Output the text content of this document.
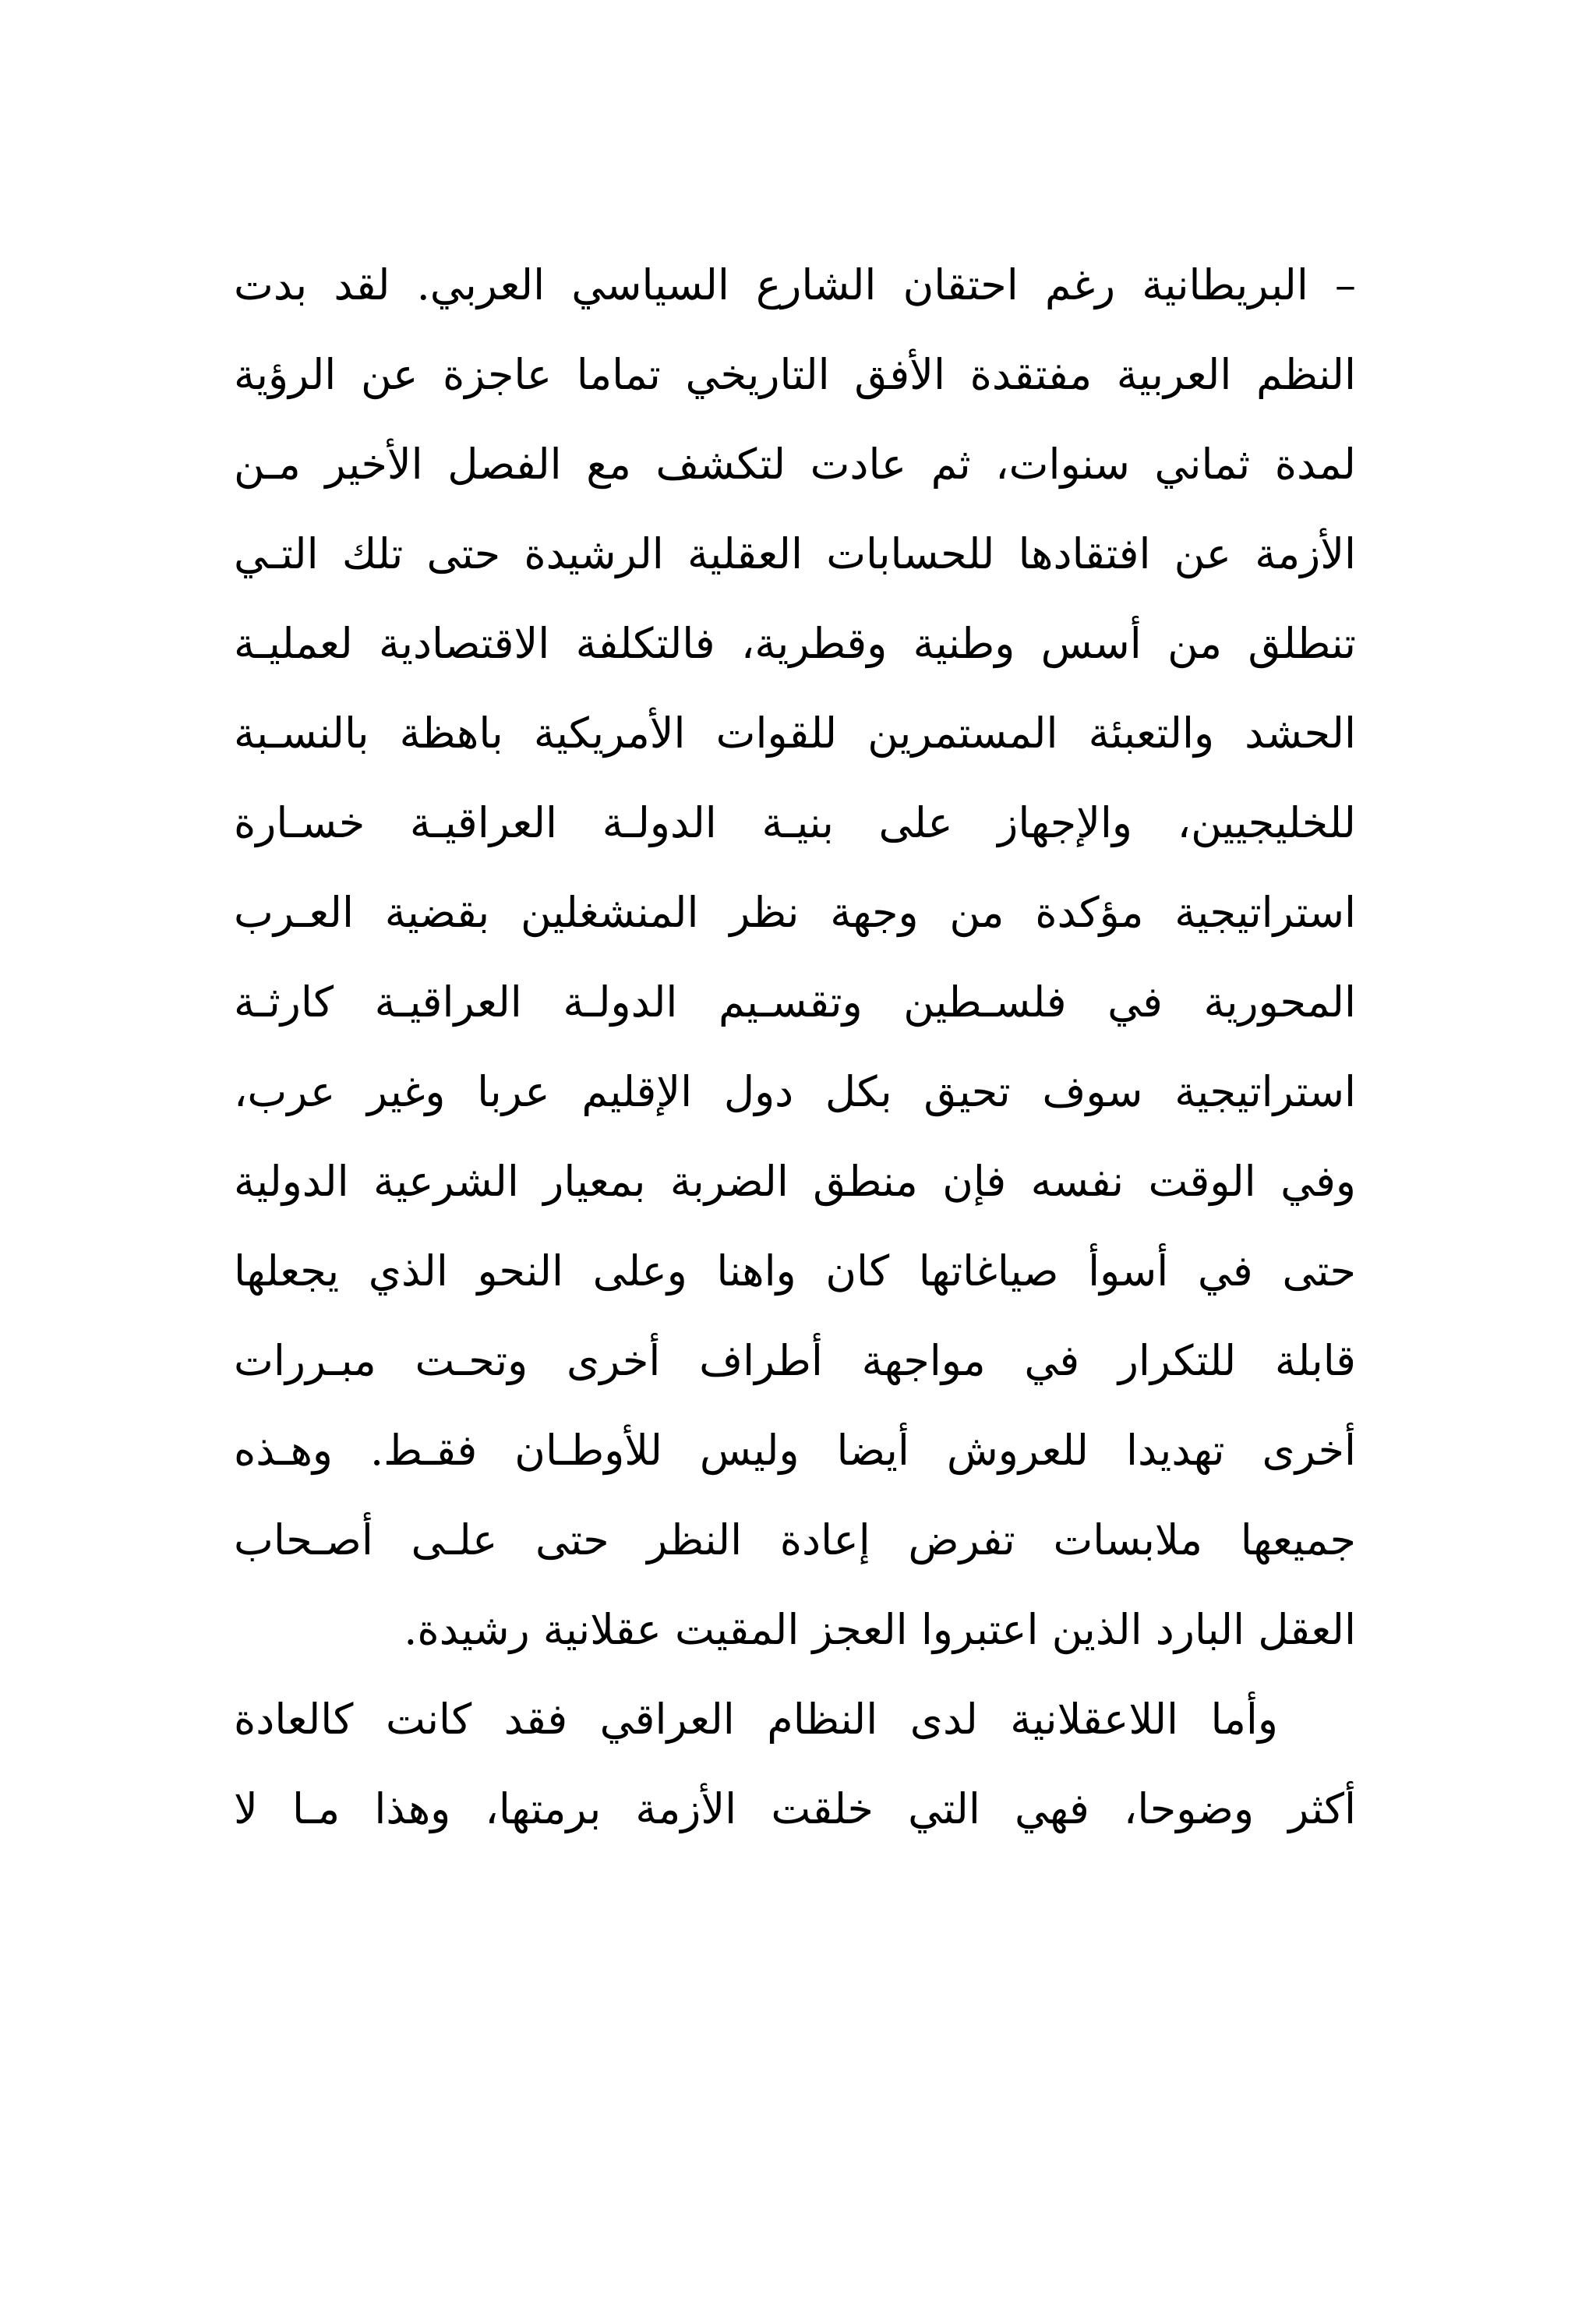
– البريطانية رغم احتقان الشارع السياسي العربي. لقد بدت
النظم العربية مفتقدة الأفق التاريخي تماما عاجزة عن الرؤية
لمدة ثماني سنوات، ثم عادت لتكشف مع الفصل الأخير مـن
الأزمة عن افتقادها للحسابات العقلية الرشيدة حتى تلك التـي
تنطلق من أسس وطنية وقطرية، فالتكلفة الاقتصادية لعمليـة
الحشد والتعبئة المستمرين للقوات الأمريكية باهظة بالنسـبة
للخليجيين، والإجهاز على بنيـة الدولـة العراقيـة خسـارة
استراتيجية مؤكدة من وجهة نظر المنشغلين بقضية العـرب
المحورية في فلسـطين وتقسـيم الدولـة العراقيـة كارثـة
استراتيجية سوف تحيق بكل دول الإقليم عربا وغير عرب،
وفي الوقت نفسه فإن منطق الضربة بمعيار الشرعية الدولية
حتى في أسوأ صياغاتها كان واهنا وعلى النحو الذي يجعلها
قابلة للتكرار في مواجهة أطراف أخرى وتحـت مبـررات
أخرى تهديدا للعروش أيضا وليس للأوطـان فقـط. وهـذه
جميعها ملابسات تفرض إعادة النظر حتى علـى أصـحاب
العقل البارد الذين اعتبروا العجز المقيت عقلانية رشيدة.
وأما اللاعقلانية لدى النظام العراقي فقد كانت كالعادة
أكثر وضوحا، فهي التي خلقت الأزمة برمتها، وهذا مـا لا
